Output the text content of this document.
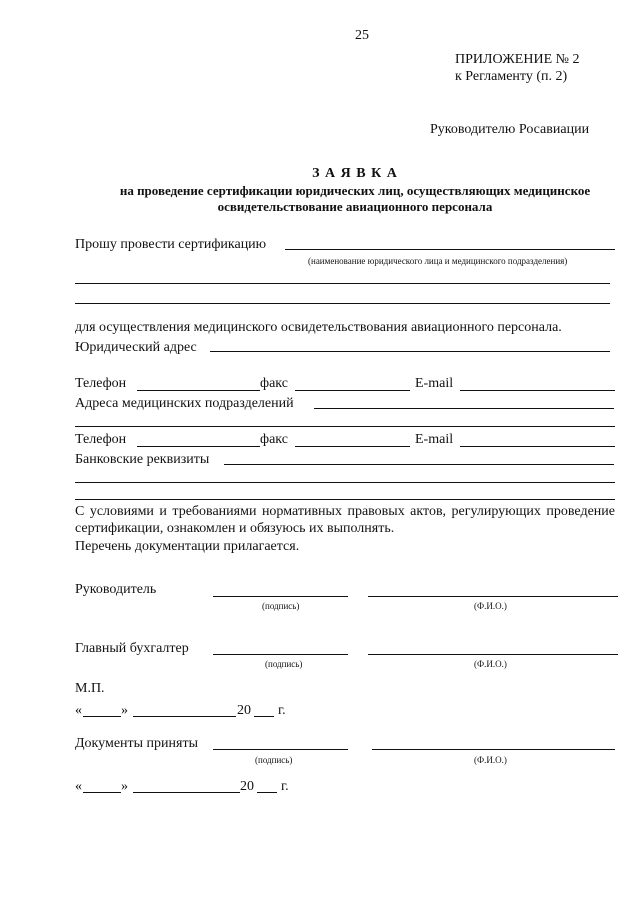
25
ПРИЛОЖЕНИЕ № 2
к Регламенту (п. 2)
Руководителю Росавиации
З А Я В К А
на проведение сертификации юридических лиц, осуществляющих медицинское
освидетельствование авиационного персонала
Прошу провести сертификацию
(наименование юридического лица и медицинского подразделения)
для осуществления медицинского освидетельствования авиационного персонала.
Юридический адрес
Телефон	факс	E-mail
Адреса медицинских подразделений
Телефон	факс	E-mail
Банковские реквизиты
С условиями и требованиями нормативных правовых актов, регулирующих проведение сертификации, ознакомлен и обязуюсь их выполнять.
Перечень документации прилагается.
Руководитель
(подпись)	(Ф.И.О.)
Главный бухгалтер
(подпись)	(Ф.И.О.)
М.П.
«	»	20 г.
Документы приняты
(подпись)	(Ф.И.О.)
«	»	20 г.
